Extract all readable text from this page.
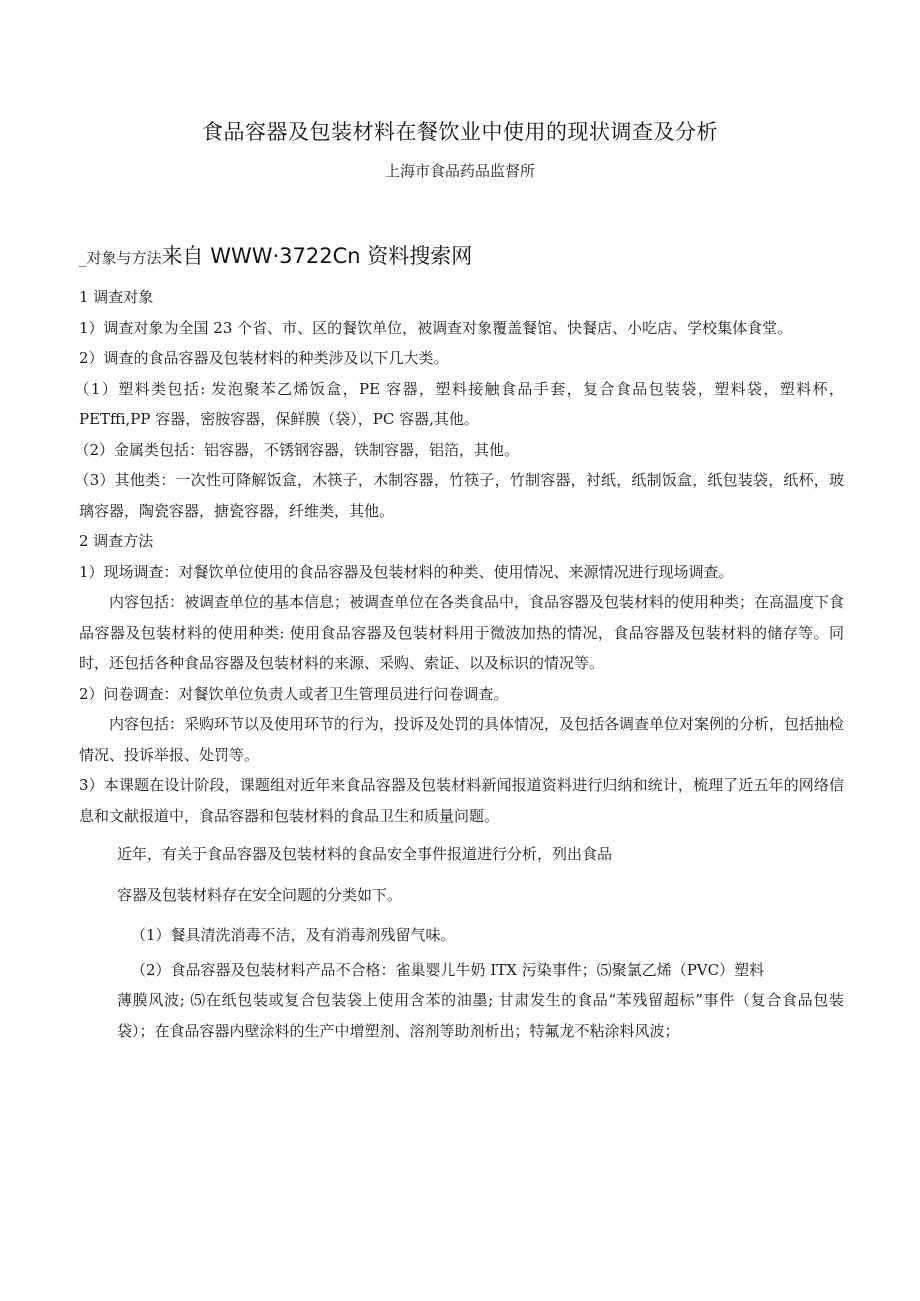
食品容器及包装材料在餐饮业中使用的现状调查及分析
上海市食品药品监督所
_对象与方法来自 WWW·3722Cn 资料搜索网

1 调查对象

1）调查对象为全国 23 个省、市、区的餐饮单位，被调查对象覆盖餐馆、快餐店、小吃店、学校集体食堂。

2）调查的食品容器及包装材料的种类涉及以下几大类。

（1）塑料类包括: 发泡聚苯乙烯饭盒，PE 容器，塑料接触食品手套，复合食品包装袋，塑料袋，塑料杯，PETffi,PP 容器，密胺容器，保鲜膜（袋），PC 容器,其他。

（2）金属类包括：铝容器，不锈钢容器，铁制容器，铝箔，其他。

（3）其他类：一次性可降解饭盒，木筷子，木制容器，竹筷子，竹制容器，衬纸，纸制饭盒，纸包装袋，纸杯，玻璃容器，陶瓷容器，搪瓷容器，纤维类，其他。

2 调查方法

1）现场调查：对餐饮单位使用的食品容器及包装材料的种类、使用情况、来源情况进行现场调查。

内容包括：被调查单位的基本信息；被调查单位在各类食品中，食品容器及包装材料的使用种类；在高温度下食品容器及包装材料的使用种类: 使用食品容器及包装材料用于微波加热的情况，食品容器及包装材料的储存等。同时，还包括各种食品容器及包装材料的来源、采购、索证、以及标识的情况等。

2）问卷调查：对餐饮单位负责人或者卫生管理员进行问卷调查。

内容包括：采购环节以及使用环节的行为，投诉及处罚的具体情况，及包括各调查单位对案例的分析，包括抽检情况、投诉举报、处罚等。

3）本课题在设计阶段，课题组对近年来食品容器及包装材料新闻报道资料进行归纳和统计，梳理了近五年的网络信息和文献报道中，食品容器和包装材料的食品卫生和质量问题。

近年，有关于食品容器及包装材料的食品安全事件报道进行分析，列出食品

容器及包装材料存在安全问题的分类如下。

（1）餐具清洗消毒不洁，及有消毒剂残留气味。

（2）食品容器及包装材料产品不合格：雀巢婴儿牛奶 ITX 污染事件；⑸聚氯乙烯（PVC）塑料

薄膜风波; ⑸在纸包装或复合包装袋上使用含苯的油墨; 甘肃发生的食品“苯残留超标”事件（复合食品包装袋）；在食品容器内壁涂料的生产中增塑剂、溶剂等助剂析出；特氟龙不粘涂料风波；
